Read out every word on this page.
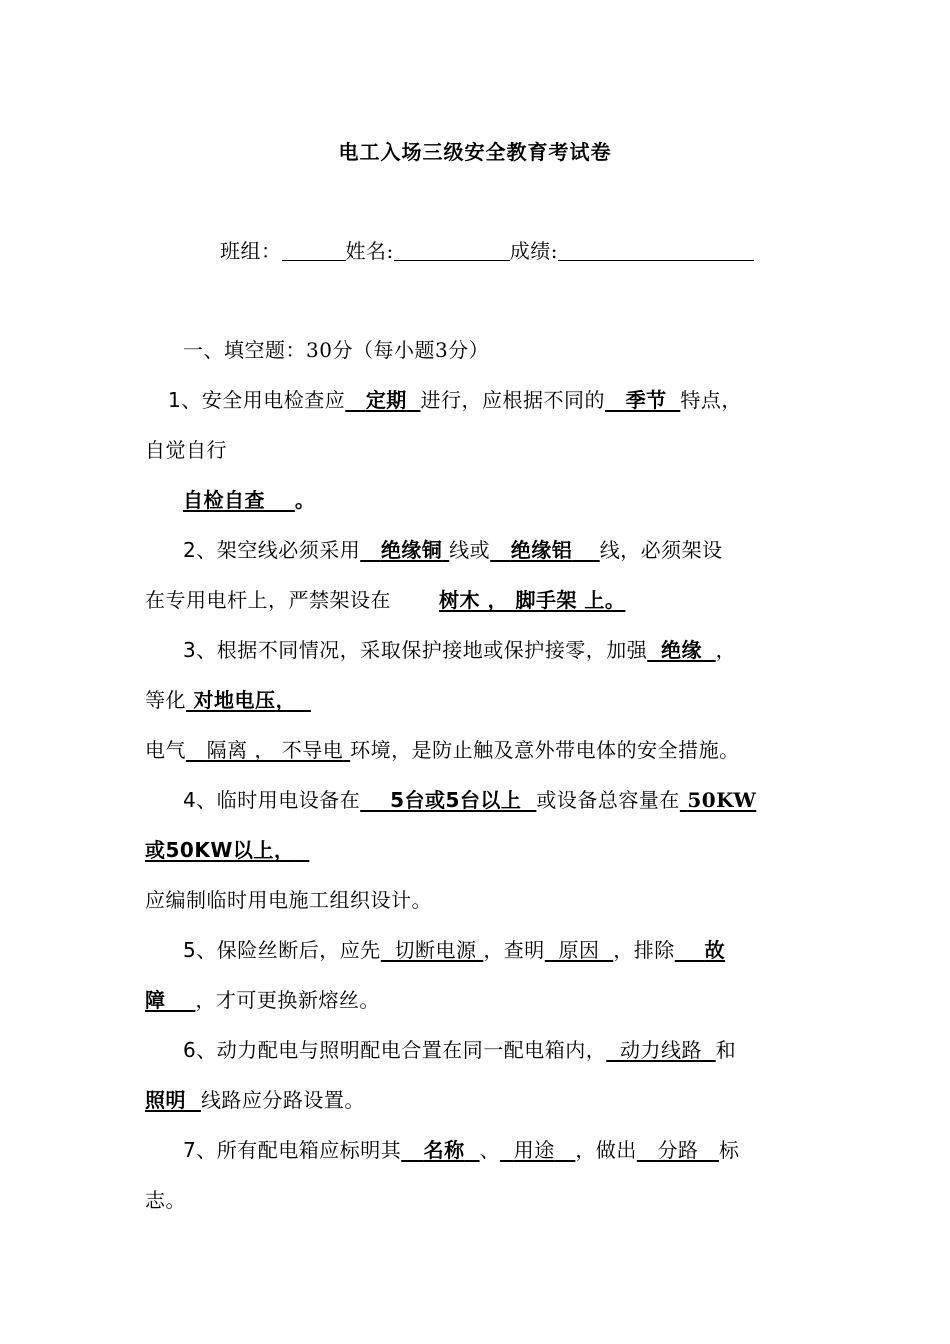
电工入场三级安全教育考试卷
班组：	姓名:	成绩:
一、填空题：30分（每小题3分）
1、安全用电检查应 定期 进行，应根据不同的 季节 特点，
自觉自行
自检自查 。
2、架空线必须采用 绝缘铜 线或 绝缘铝 线，必须架设
在专用电杆上，严禁架设在 树木 ， 脚手架 上。
3、根据不同情况，采取保护接地或保护接零，加强 绝缘 ，
等化 对地电压，
电气 隔离 ， 不导电 环境，是防止触及意外带电体的安全措施。
4、临时用电设备在 5台或5台以上 或设备总容量在 50KW
或50KW以上，
应编制临时用电施工组织设计。
5、保险丝断后，应先 切断电源 ，查明 原因 ，排除 故
障 ，才可更换新熔丝。
6、动力配电与照明配电合置在同一配电箱内， 动力线路 和
照明 线路应分路设置。
7、所有配电箱应标明其 名称 、 用途 ，做出 分路 标
志。
